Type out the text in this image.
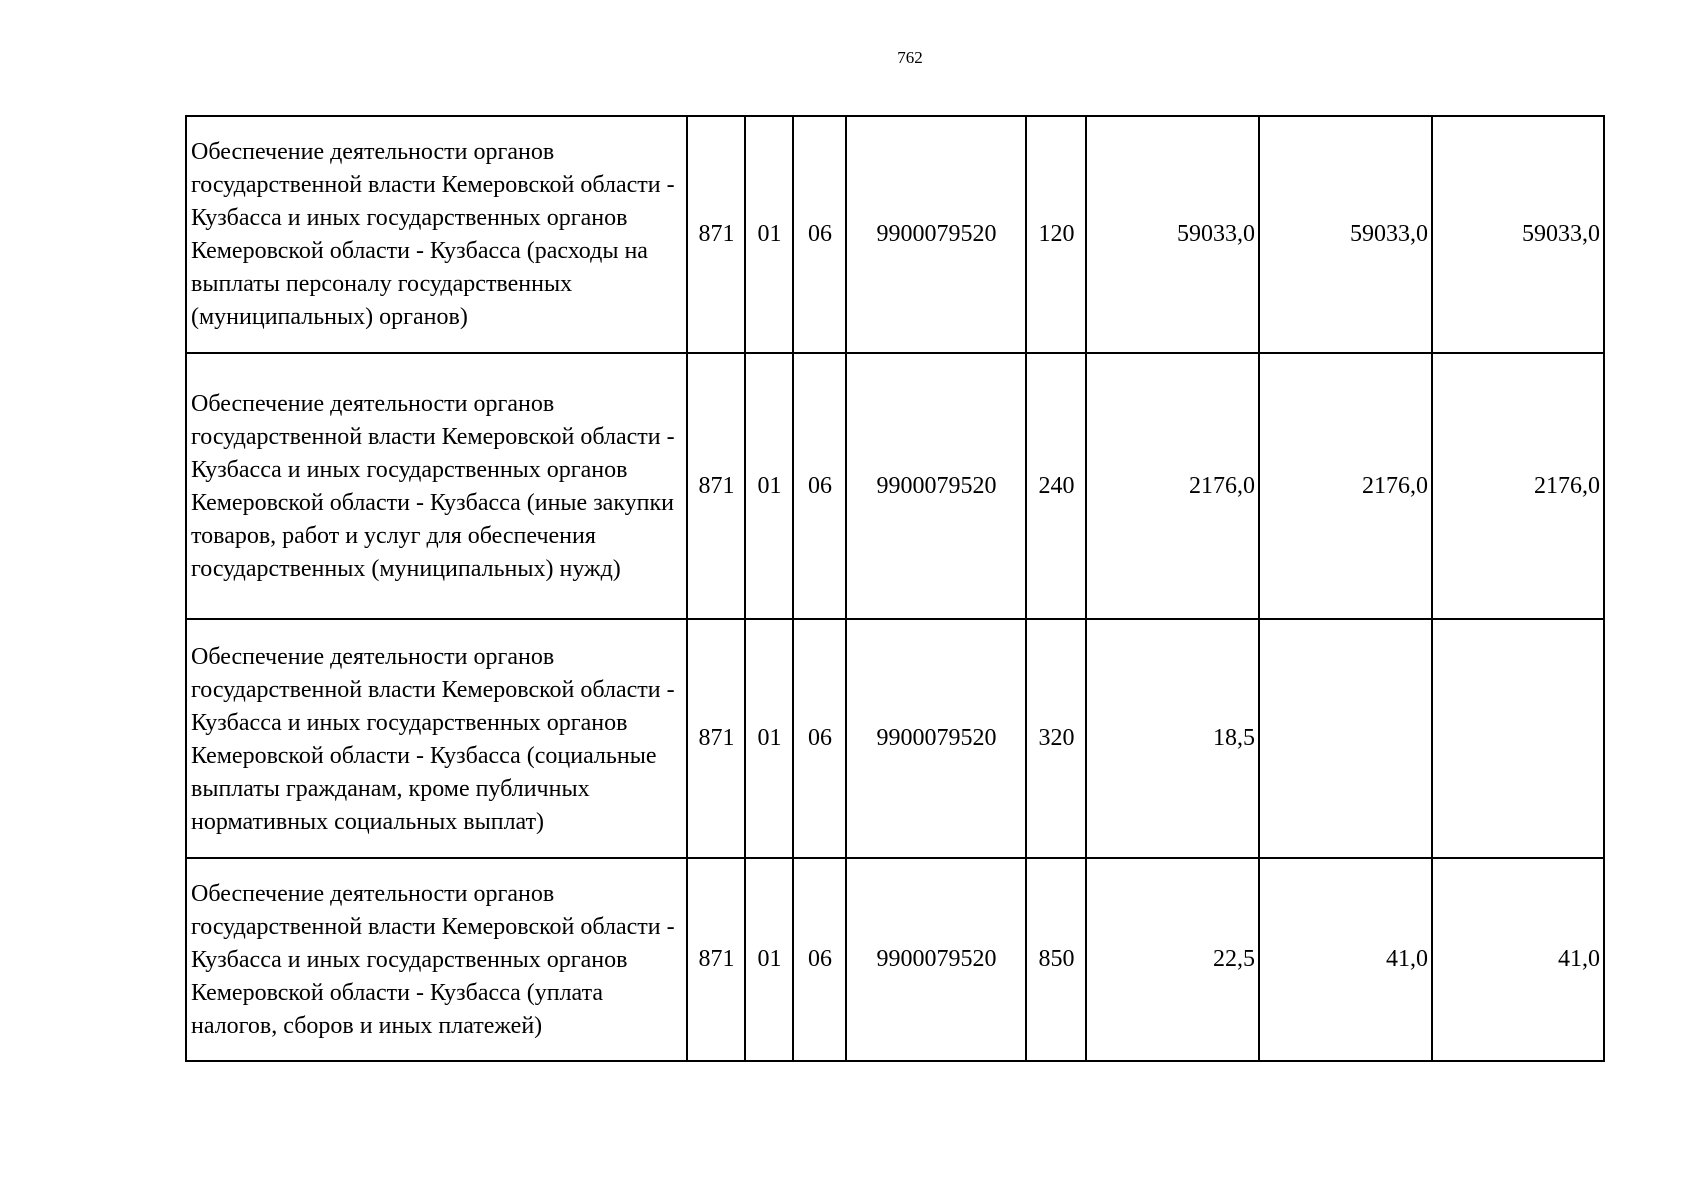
762
Обеспечение деятельности органов государственной власти Кемеровской области - Кузбасса и иных государственных органов Кемеровской области - Кузбасса (расходы на выплаты персоналу государственных (муниципальных) органов)	871	01	06	9900079520	120	59033,0	59033,0	59033,0
Обеспечение деятельности органов государственной власти Кемеровской области - Кузбасса и иных государственных органов Кемеровской области - Кузбасса (иные закупки товаров, работ и услуг для обеспечения государственных (муниципальных) нужд)	871	01	06	9900079520	240	2176,0	2176,0	2176,0
Обеспечение деятельности органов государственной власти Кемеровской области - Кузбасса и иных государственных органов Кемеровской области - Кузбасса (социальные выплаты гражданам, кроме публичных нормативных социальных выплат)	871	01	06	9900079520	320	18,5		
Обеспечение деятельности органов государственной власти Кемеровской области - Кузбасса и иных государственных органов Кемеровской области - Кузбасса (уплата налогов, сборов и иных платежей)	871	01	06	9900079520	850	22,5	41,0	41,0
